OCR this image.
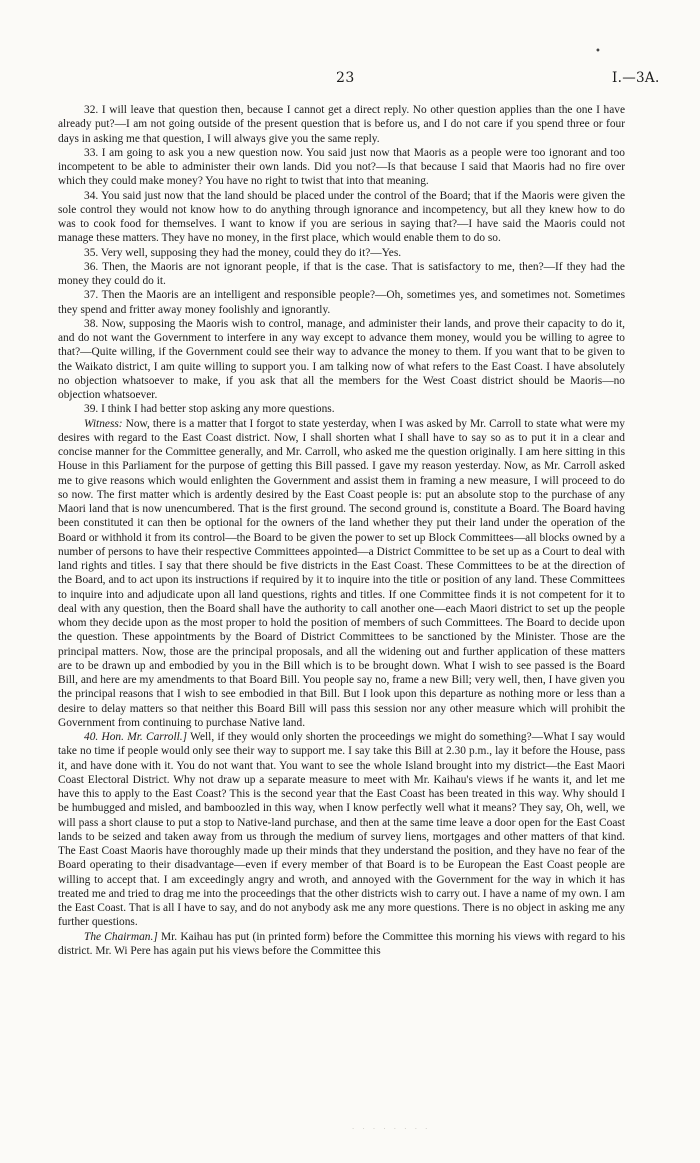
•
23	I.—3A.

32. I will leave that question then, because I cannot get a direct reply. No other question applies than the one I have already put?—I am not going outside of the present question that is before us, and I do not care if you spend three or four days in asking me that question, I will always give you the same reply.

33. I am going to ask you a new question now. You said just now that Maoris as a people were too ignorant and too incompetent to be able to administer their own lands. Did you not?—Is that because I said that Maoris had no fire over which they could make money? You have no right to twist that into that meaning.

34. You said just now that the land should be placed under the control of the Board; that if the Maoris were given the sole control they would not know how to do anything through ignorance and incompetency, but all they knew how to do was to cook food for themselves. I want to know if you are serious in saying that?—I have said the Maoris could not manage these matters. They have no money, in the first place, which would enable them to do so.

35. Very well, supposing they had the money, could they do it?—Yes.

36. Then, the Maoris are not ignorant people, if that is the case. That is satisfactory to me, then?—If they had the money they could do it.

37. Then the Maoris are an intelligent and responsible people?—Oh, sometimes yes, and sometimes not. Sometimes they spend and fritter away money foolishly and ignorantly.

38. Now, supposing the Maoris wish to control, manage, and administer their lands, and prove their capacity to do it, and do not want the Government to interfere in any way except to advance them money, would you be willing to agree to that?—Quite willing, if the Government could see their way to advance the money to them. If you want that to be given to the Waikato district, I am quite willing to support you. I am talking now of what refers to the East Coast. I have absolutely no objection whatsoever to make, if you ask that all the members for the West Coast district should be Maoris—no objection whatsoever.

39. I think I had better stop asking any more questions.

Witness: Now, there is a matter that I forgot to state yesterday, when I was asked by Mr. Carroll to state what were my desires with regard to the East Coast district. Now, I shall shorten what I shall have to say so as to put it in a clear and concise manner for the Committee generally, and Mr. Carroll, who asked me the question originally. I am here sitting in this House in this Parliament for the purpose of getting this Bill passed. I gave my reason yesterday. Now, as Mr. Carroll asked me to give reasons which would enlighten the Government and assist them in framing a new measure, I will proceed to do so now. The first matter which is ardently desired by the East Coast people is: put an absolute stop to the purchase of any Maori land that is now unencumbered. That is the first ground. The second ground is, constitute a Board. The Board having been constituted it can then be optional for the owners of the land whether they put their land under the operation of the Board or withhold it from its control—the Board to be given the power to set up Block Committees—all blocks owned by a number of persons to have their respective Committees appointed—a District Committee to be set up as a Court to deal with land rights and titles. I say that there should be five districts in the East Coast. These Committees to be at the direction of the Board, and to act upon its instructions if required by it to inquire into the title or position of any land. These Committees to inquire into and adjudicate upon all land questions, rights and titles. If one Committee finds it is not competent for it to deal with any question, then the Board shall have the authority to call another one—each Maori district to set up the people whom they decide upon as the most proper to hold the position of members of such Committees. The Board to decide upon the question. These appointments by the Board of District Committees to be sanctioned by the Minister. Those are the principal matters. Now, those are the principal proposals, and all the widening out and further application of these matters are to be drawn up and embodied by you in the Bill which is to be brought down. What I wish to see passed is the Board Bill, and here are my amendments to that Board Bill. You people say no, frame a new Bill; very well, then, I have given you the principal reasons that I wish to see embodied in that Bill. But I look upon this departure as nothing more or less than a desire to delay matters so that neither this Board Bill will pass this session nor any other measure which will prohibit the Government from continuing to purchase Native land.

40. Hon. Mr. Carroll.] Well, if they would only shorten the proceedings we might do something?—What I say would take no time if people would only see their way to support me. I say take this Bill at 2.30 p.m., lay it before the House, pass it, and have done with it. You do not want that. You want to see the whole Island brought into my district—the East Maori Coast Electoral District. Why not draw up a separate measure to meet with Mr. Kaihau's views if he wants it, and let me have this to apply to the East Coast? This is the second year that the East Coast has been treated in this way. Why should I be humbugged and misled, and bamboozled in this way, when I know perfectly well what it means? They say, Oh, well, we will pass a short clause to put a stop to Native-land purchase, and then at the same time leave a door open for the East Coast lands to be seized and taken away from us through the medium of survey liens, mortgages and other matters of that kind. The East Coast Maoris have thoroughly made up their minds that they understand the position, and they have no fear of the Board operating to their disadvantage—even if every member of that Board is to be European the East Coast people are willing to accept that. I am exceedingly angry and wroth, and annoyed with the Government for the way in which it has treated me and tried to drag me into the proceedings that the other districts wish to carry out. I have a name of my own. I am the East Coast. That is all I have to say, and do not anybody ask me any more questions. There is no object in asking me any further questions.

The Chairman.] Mr. Kaihau has put (in printed form) before the Committee this morning his views with regard to his district. Mr. Wi Pere has again put his views before the Committee this

· · · · · · · ·
